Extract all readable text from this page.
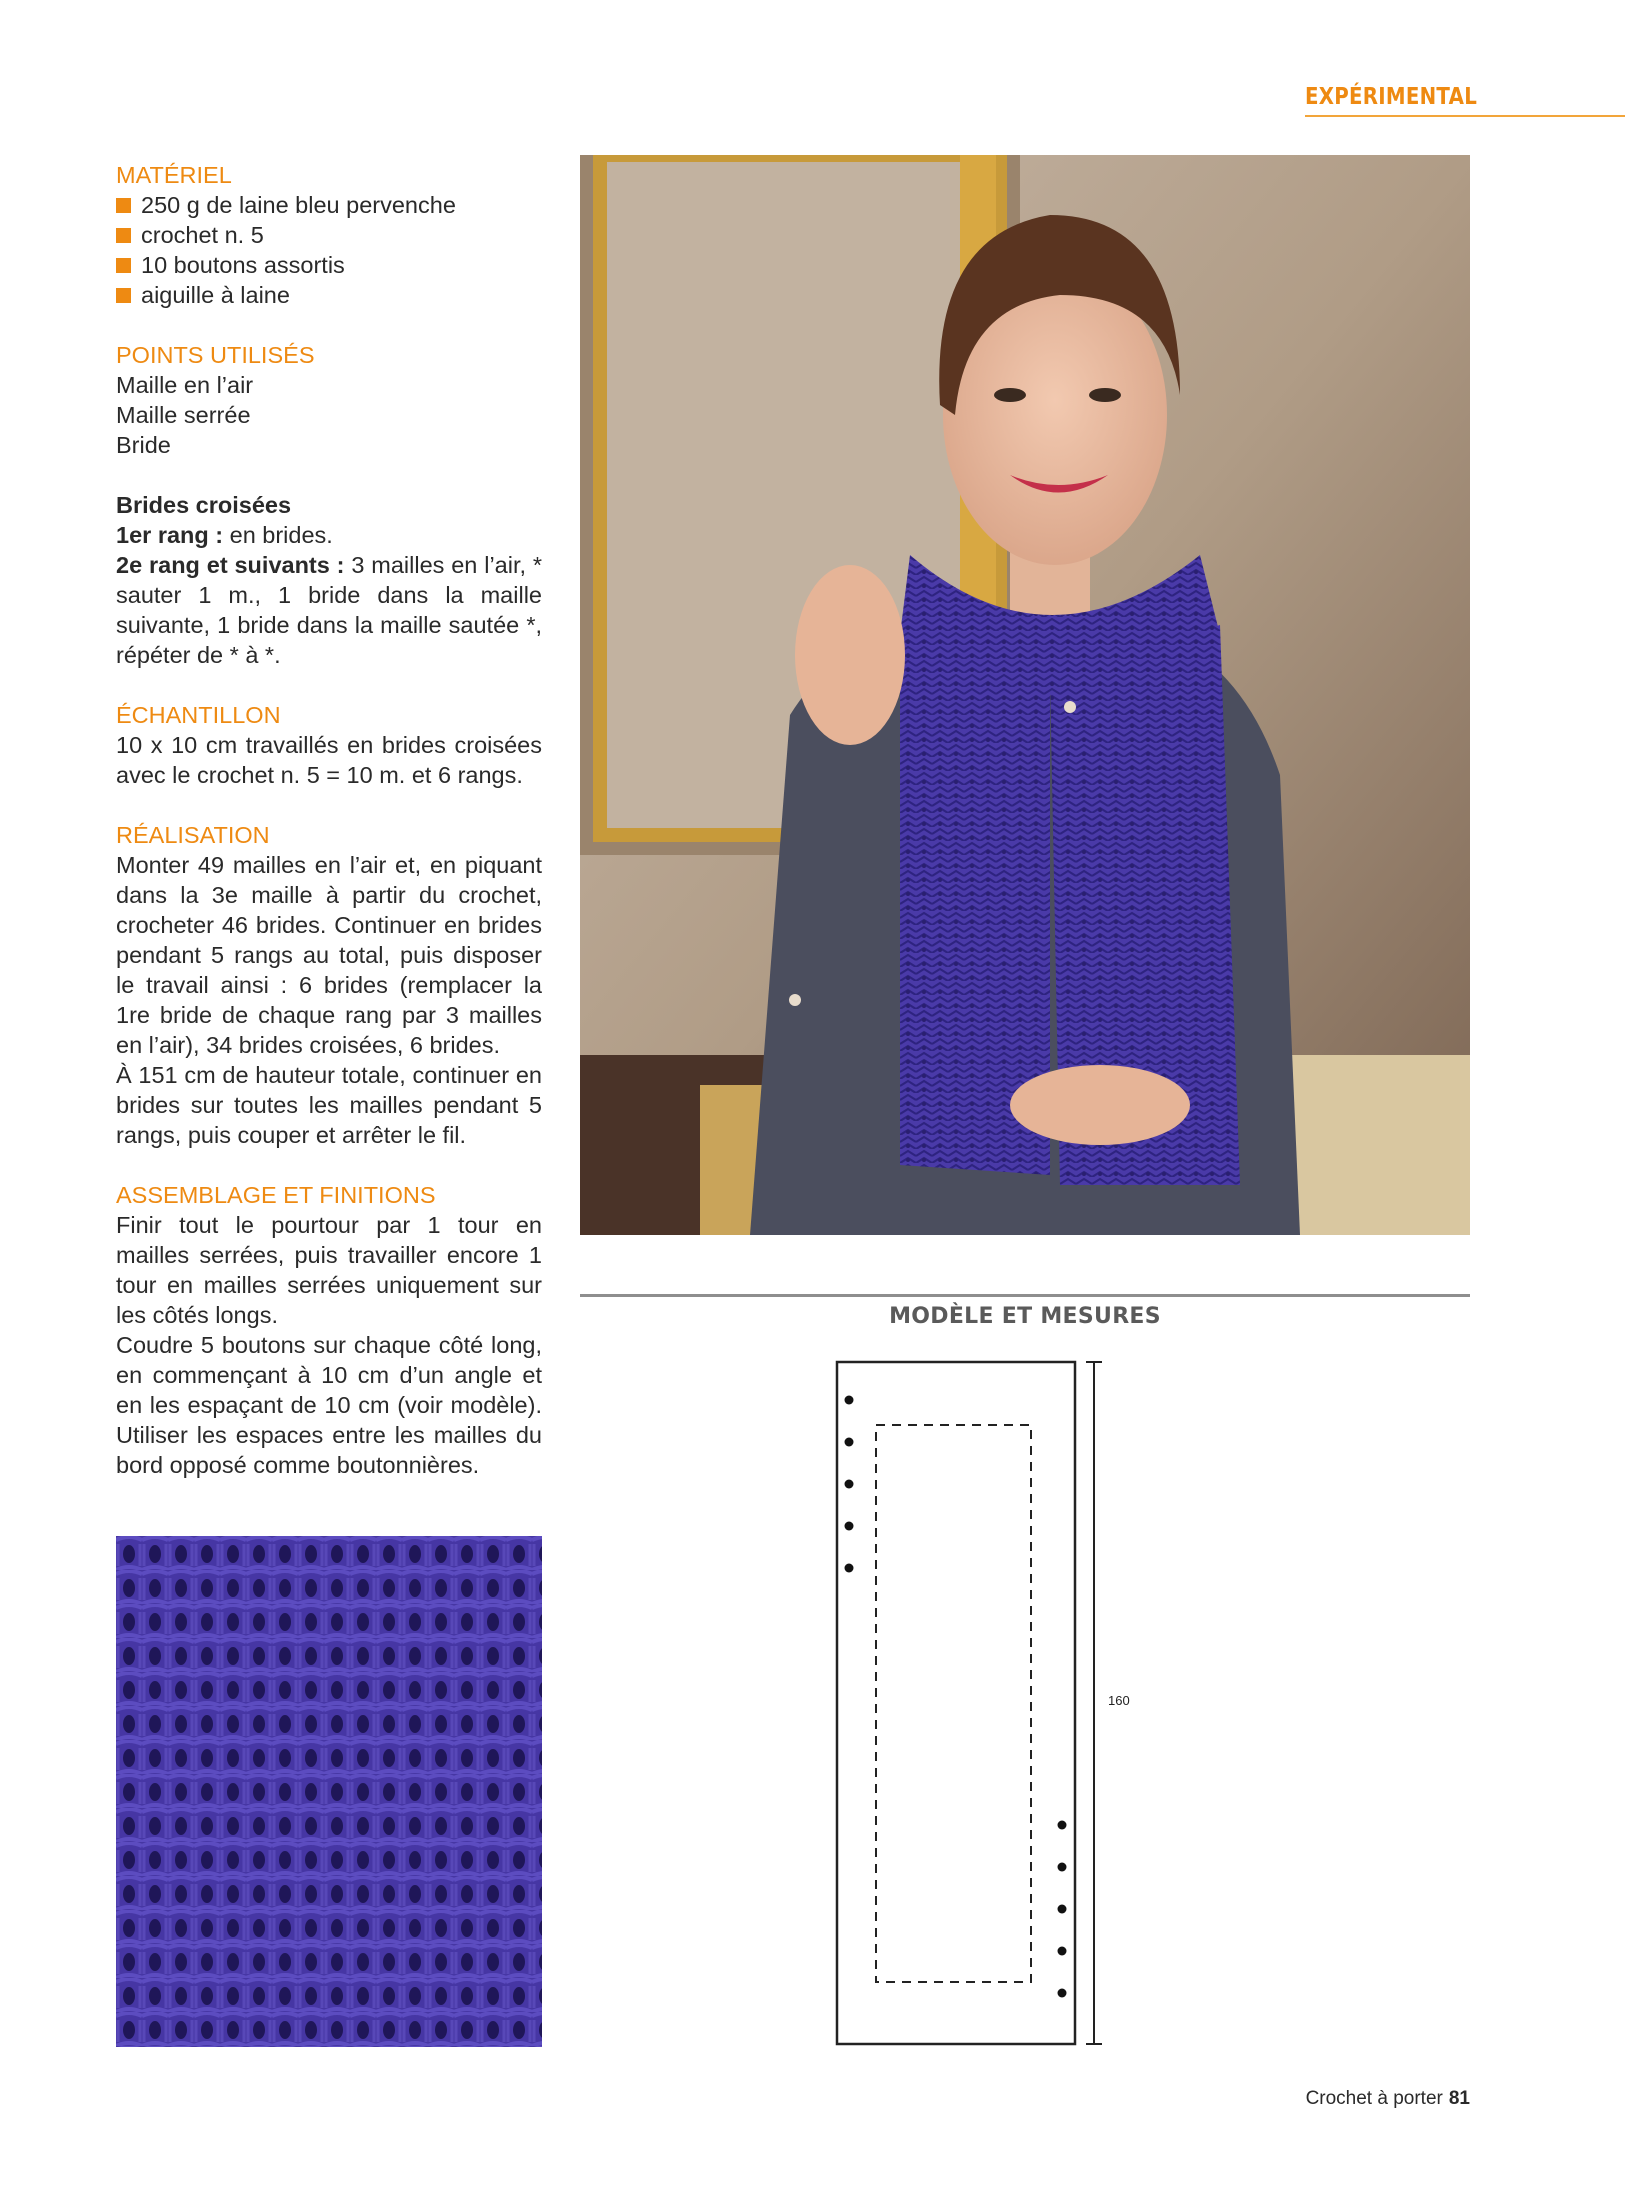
EXPÉRIMENTAL
MATÉRIEL
250 g de laine bleu pervenche
crochet n. 5
10 boutons assortis
aiguille à laine
POINTS UTILISÉS

Maille en l’air

Maille serrée

Bride

Brides croisées

1er rang : en brides.

2e rang et suivants : 3 mailles en l’air, * sauter 1 m., 1 bride dans la maille suivante, 1 bride dans la maille sautée *, répéter de * à *.

ÉCHANTILLON

10 x 10 cm travaillés en brides croisées avec le crochet n. 5 = 10 m. et 6 rangs.

RÉALISATION

Monter 49 mailles en l’air et, en piquant dans la 3e maille à partir du crochet, crocheter 46 brides. Continuer en brides pendant 5 rangs au total, puis disposer le travail ainsi : 6 brides (remplacer la 1re bride de chaque rang par 3 mailles en l’air), 34 brides croisées, 6 brides.

À 151 cm de hauteur totale, continuer en brides sur toutes les mailles pendant 5 rangs, puis couper et arrêter le fil.

ASSEMBLAGE ET FINITIONS

Finir tout le pourtour par 1 tour en mailles serrées, puis travailler encore 1 tour en mailles serrées uniquement sur les côtés longs.

Coudre 5 boutons sur chaque côté long, en commençant à 10 cm d’un angle et en les espaçant de 10 cm (voir modèle). Utiliser les espaces entre les mailles du bord opposé comme boutonnières.

MODÈLE ET MESURES
160
Crochet à porter 81
